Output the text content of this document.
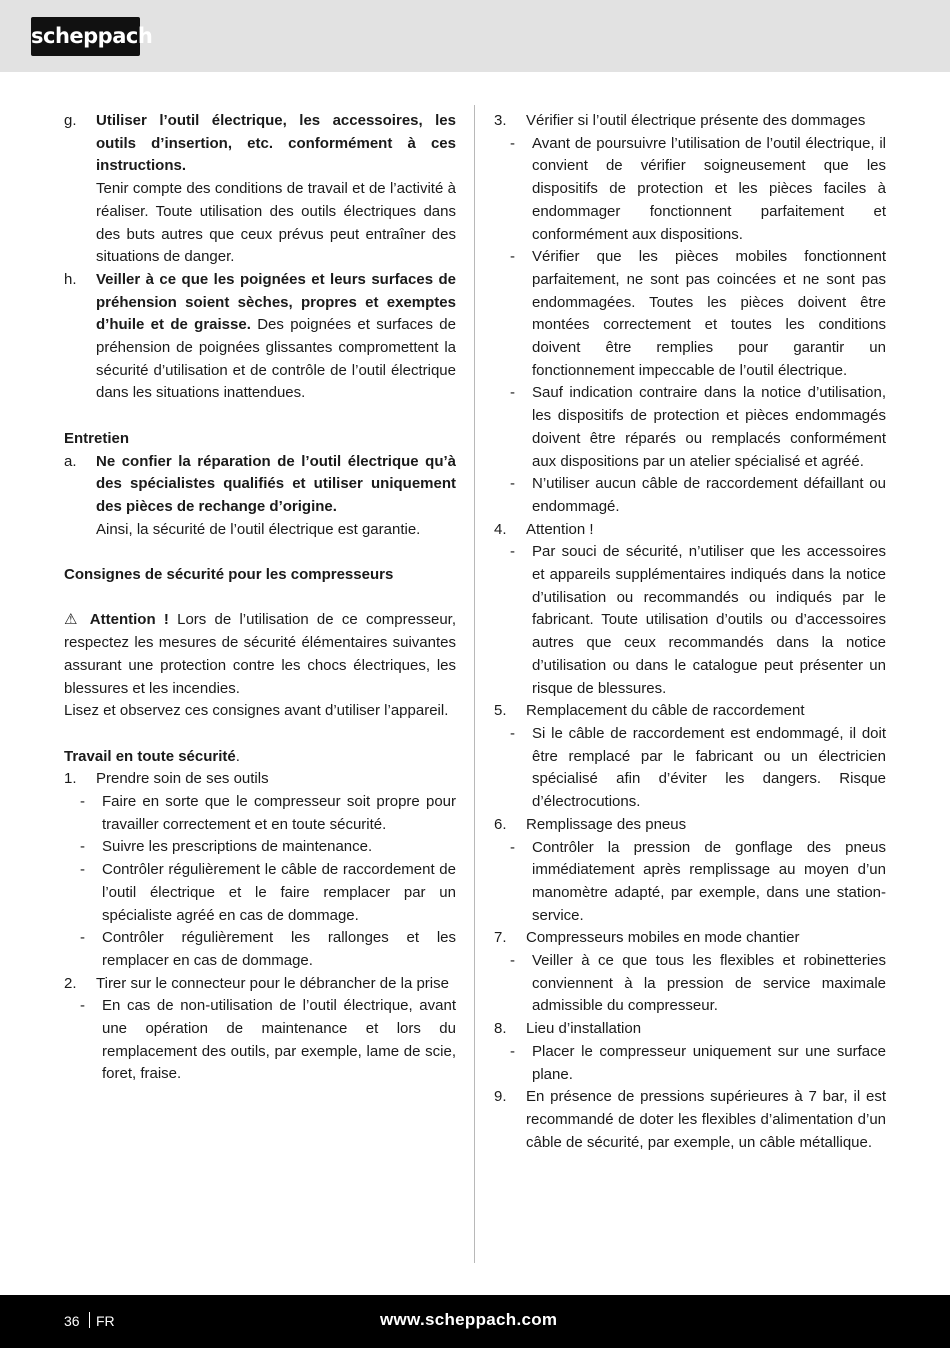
scheppach
g.	Utiliser l’outil électrique, les accessoires, les outils d’insertion, etc. conformément à ces instructions.
Tenir compte des conditions de travail et de l’activité à réaliser. Toute utilisation des outils électriques dans des buts autres que ceux prévus peut entraîner des situations de danger.
h.	Veiller à ce que les poignées et leurs surfaces de préhension soient sèches, propres et exemptes d’huile et de graisse. Des poignées et surfaces de préhension de poignées glissantes compromettent la sécurité d’utilisation et de contrôle de l’outil électrique dans les situations inattendues.
Entretien
a.	Ne confier la réparation de l’outil électrique qu’à des spécialistes qualifiés et utiliser uniquement des pièces de rechange d’origine.
Ainsi, la sécurité de l’outil électrique est garantie.
Consignes de sécurité pour les compresseurs

⚠ Attention ! Lors de l’utilisation de ce compresseur, respectez les mesures de sécurité élémentaires suivantes assurant une protection contre les chocs électriques, les blessures et les incendies.

Lisez et observez ces consignes avant d’utiliser l’appareil.

Travail en toute sécurité.
1.	Prendre soin de ses outils
-	Faire en sorte que le compresseur soit propre pour travailler correctement et en toute sécurité.
-	Suivre les prescriptions de maintenance.
-	Contrôler régulièrement le câble de raccordement de l’outil électrique et le faire remplacer par un spécialiste agréé en cas de dommage.
-	Contrôler régulièrement les rallonges et les remplacer en cas de dommage.
2.	Tirer sur le connecteur pour le débrancher de la prise
-	En cas de non-utilisation de l’outil électrique, avant une opération de maintenance et lors du remplacement des outils, par exemple, lame de scie, foret, fraise.
3.	Vérifier si l’outil électrique présente des dommages
-	Avant de poursuivre l’utilisation de l’outil électrique, il convient de vérifier soigneusement que les dispositifs de protection et les pièces faciles à endommager fonctionnent parfaitement et conformément aux dispositions.
-	Vérifier que les pièces mobiles fonctionnent parfaitement, ne sont pas coincées et ne sont pas endommagées. Toutes les pièces doivent être montées correctement et toutes les conditions doivent être remplies pour garantir un fonctionnement impeccable de l’outil électrique.
-	Sauf indication contraire dans la notice d’utilisation, les dispositifs de protection et pièces endommagés doivent être réparés ou remplacés conformément aux dispositions par un atelier spécialisé et agréé.
-	N’utiliser aucun câble de raccordement défaillant ou endommagé.
4.	Attention !
-	Par souci de sécurité, n’utiliser que les accessoires et appareils supplémentaires indiqués dans la notice d’utilisation ou recommandés ou indiqués par le fabricant. Toute utilisation d’outils ou d’accessoires autres que ceux recommandés dans la notice d’utilisation ou dans le catalogue peut présenter un risque de blessures.
5.	Remplacement du câble de raccordement
-	Si le câble de raccordement est endommagé, il doit être remplacé par le fabricant ou un électricien spécialisé afin d’éviter les dangers. Risque d’électrocutions.
6.	Remplissage des pneus
-	Contrôler la pression de gonflage des pneus immédiatement après remplissage au moyen d’un manomètre adapté, par exemple, dans une station-service.
7.	Compresseurs mobiles en mode chantier
-	Veiller à ce que tous les flexibles et robinetteries conviennent à la pression de service maximale admissible du compresseur.
8.	Lieu d’installation
-	Placer le compresseur uniquement sur une surface plane.
9.	En présence de pressions supérieures à 7 bar, il est recommandé de doter les flexibles d’alimentation d’un câble de sécurité, par exemple, un câble métallique.
36 FR	www.scheppach.com
